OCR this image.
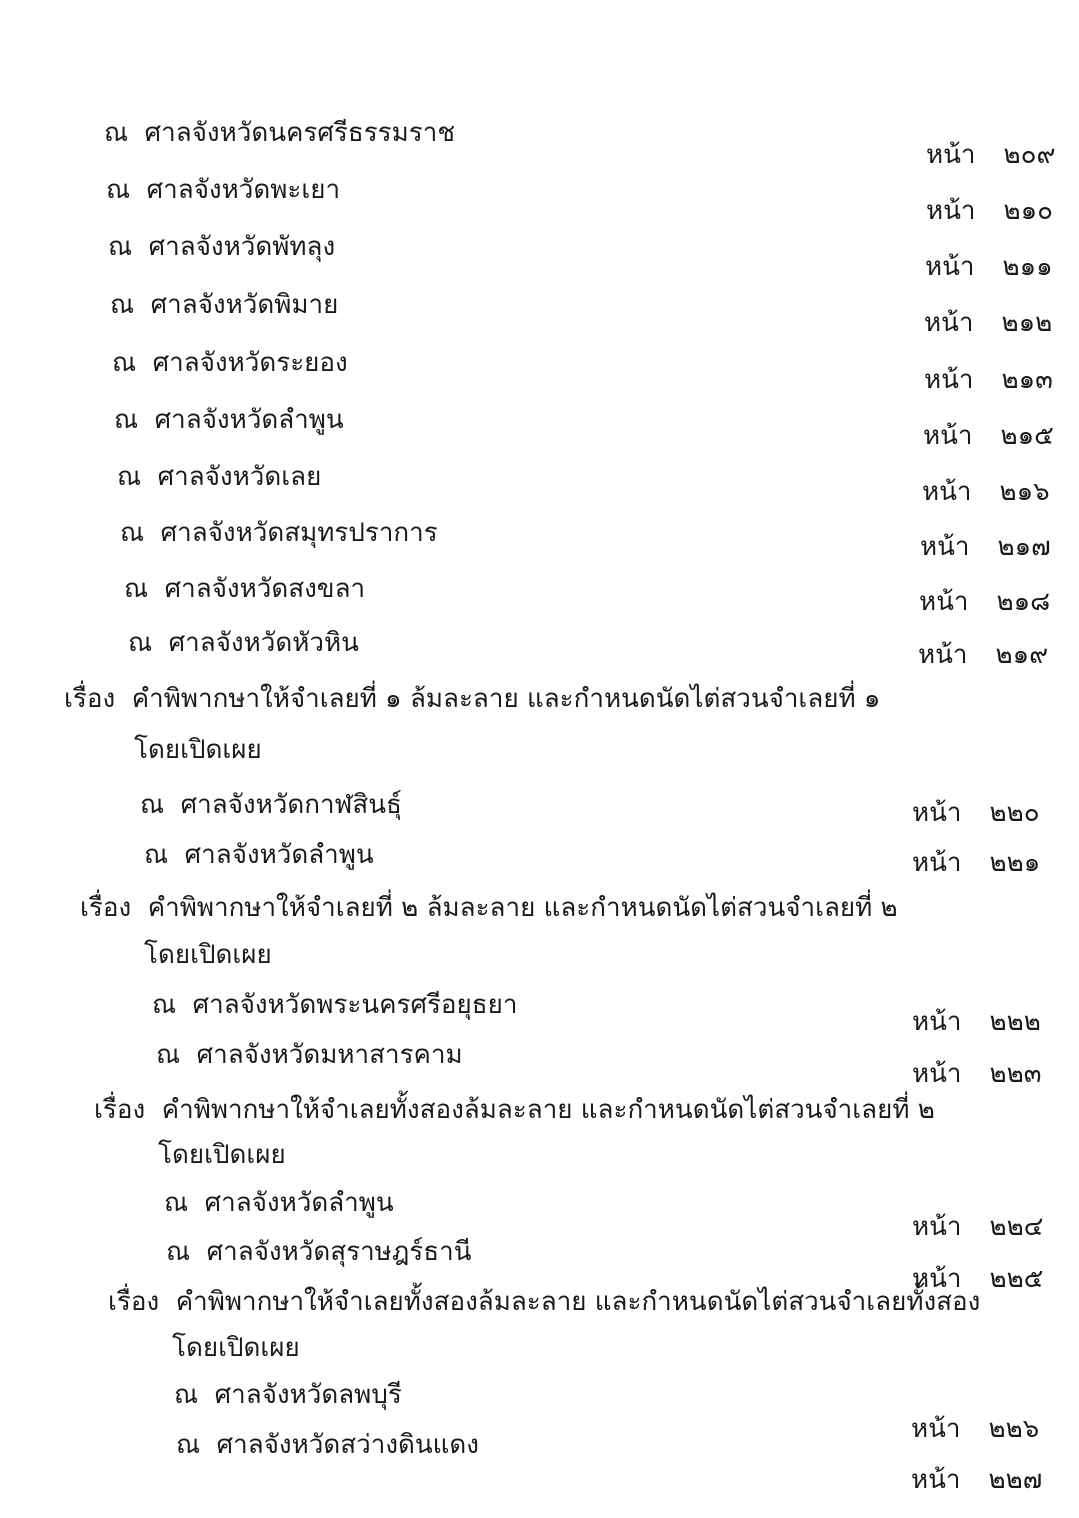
ณ ศาลจังหวัดนครศรีธรรมราช
ณ ศาลจังหวัดพะเยา
ณ ศาลจังหวัดพัทลุง
ณ ศาลจังหวัดพิมาย
ณ ศาลจังหวัดระยอง
ณ ศาลจังหวัดลำพูน
ณ ศาลจังหวัดเลย
ณ ศาลจังหวัดสมุทรปราการ
ณ ศาลจังหวัดสงขลา
ณ ศาลจังหวัดหัวหิน
เรื่อง คำพิพากษาให้จำเลยที่ ๑ ล้มละลาย และกำหนดนัดไต่สวนจำเลยที่ ๑
โดยเปิดเผย
ณ ศาลจังหวัดกาฬสินธุ์
ณ ศาลจังหวัดลำพูน
เรื่อง คำพิพากษาให้จำเลยที่ ๒ ล้มละลาย และกำหนดนัดไต่สวนจำเลยที่ ๒
โดยเปิดเผย
ณ ศาลจังหวัดพระนครศรีอยุธยา
ณ ศาลจังหวัดมหาสารคาม
เรื่อง คำพิพากษาให้จำเลยทั้งสองล้มละลาย และกำหนดนัดไต่สวนจำเลยที่ ๒
โดยเปิดเผย
ณ ศาลจังหวัดลำพูน
ณ ศาลจังหวัดสุราษฎร์ธานี
เรื่อง คำพิพากษาให้จำเลยทั้งสองล้มละลาย และกำหนดนัดไต่สวนจำเลยทั้งสอง
โดยเปิดเผย
ณ ศาลจังหวัดลพบุรี
ณ ศาลจังหวัดสว่างดินแดง
หน้า ๒๐๙
หน้า ๒๑๐
หน้า ๒๑๑
หน้า ๒๑๒
หน้า ๒๑๓
หน้า ๒๑๕
หน้า ๒๑๖
หน้า ๒๑๗
หน้า ๒๑๘
หน้า ๒๑๙
หน้า ๒๒๐
หน้า ๒๒๑
หน้า ๒๒๒
หน้า ๒๒๓
หน้า ๒๒๔
หน้า ๒๒๕
หน้า ๒๒๖
หน้า ๒๒๗
